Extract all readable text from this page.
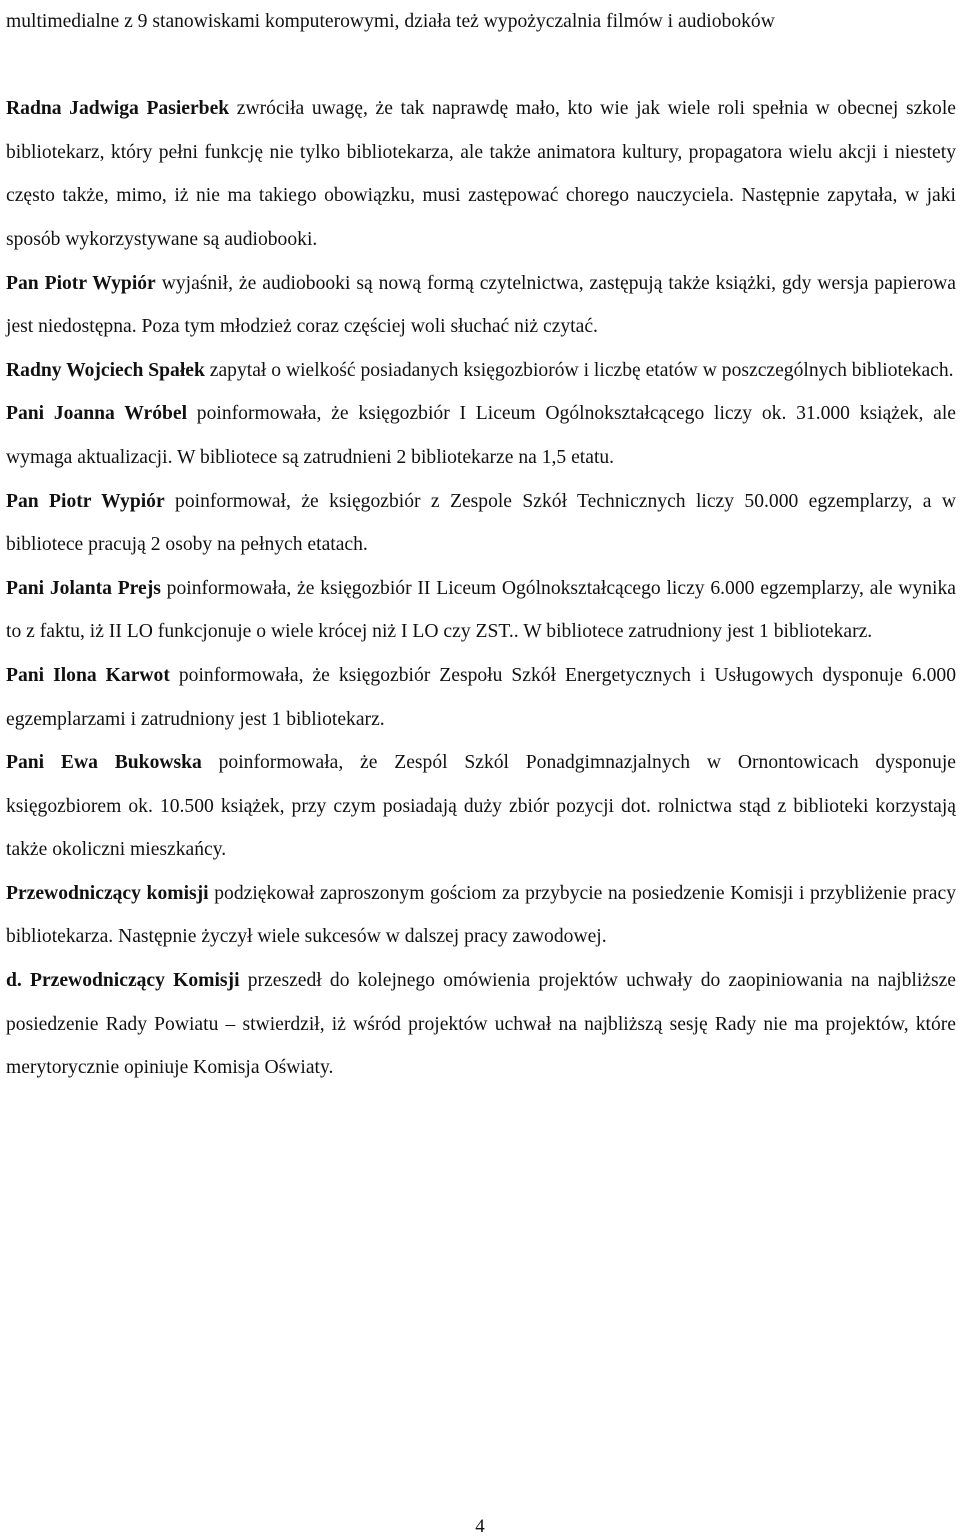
multimedialne z 9 stanowiskami komputerowymi, działa też wypożyczalnia filmów i audioboków

Radna Jadwiga Pasierbek zwróciła uwagę, że tak naprawdę mało, kto wie jak wiele roli spełnia w obecnej szkole bibliotekarz, który pełni funkcję nie tylko bibliotekarza, ale także animatora kultury, propagatora wielu akcji i niestety często także, mimo, iż nie ma takiego obowiązku, musi zastępować chorego nauczyciela. Następnie zapytała, w jaki sposób wykorzystywane są audiobooki.

Pan Piotr Wypiór wyjaśnił, że audiobooki są nową formą czytelnictwa, zastępują także książki, gdy wersja papierowa jest niedostępna. Poza tym młodzież coraz częściej woli słuchać niż czytać.

Radny Wojciech Spałek zapytał o wielkość posiadanych księgozbiorów i liczbę etatów w poszczególnych bibliotekach.

Pani Joanna Wróbel poinformowała, że księgozbiór I Liceum Ogólnokształcącego liczy ok. 31.000 książek, ale wymaga aktualizacji. W bibliotece są zatrudnieni 2 bibliotekarze na 1,5 etatu.

Pan Piotr Wypiór poinformował, że księgozbiór z Zespole Szkół Technicznych liczy 50.000 egzemplarzy, a w bibliotece pracują 2 osoby na pełnych etatach.

Pani Jolanta Prejs poinformowała, że księgozbiór II Liceum Ogólnokształcącego liczy 6.000 egzemplarzy, ale wynika to z faktu, iż II LO funkcjonuje o wiele krócej niż I LO czy ZST.. W bibliotece zatrudniony jest 1 bibliotekarz.

Pani Ilona Karwot poinformowała, że księgozbiór Zespołu Szkół Energetycznych i Usługowych dysponuje 6.000 egzemplarzami i zatrudniony jest 1 bibliotekarz.

Pani Ewa Bukowska poinformowała, że Zespól Szkól Ponadgimnazjalnych w Ornontowicach dysponuje księgozbiorem ok. 10.500 książek, przy czym posiadają duży zbiór pozycji dot. rolnictwa stąd z biblioteki korzystają także okoliczni mieszkańcy.

Przewodniczący komisji podziękował zaproszonym gościom za przybycie na posiedzenie Komisji i przybliżenie pracy bibliotekarza. Następnie życzył wiele sukcesów w dalszej pracy zawodowej.

d. Przewodniczący Komisji przeszedł do kolejnego omówienia projektów uchwały do zaopiniowania na najbliższe posiedzenie Rady Powiatu – stwierdził, iż wśród projektów uchwał na najbliższą sesję Rady nie ma projektów, które merytorycznie opiniuje Komisja Oświaty.

4
